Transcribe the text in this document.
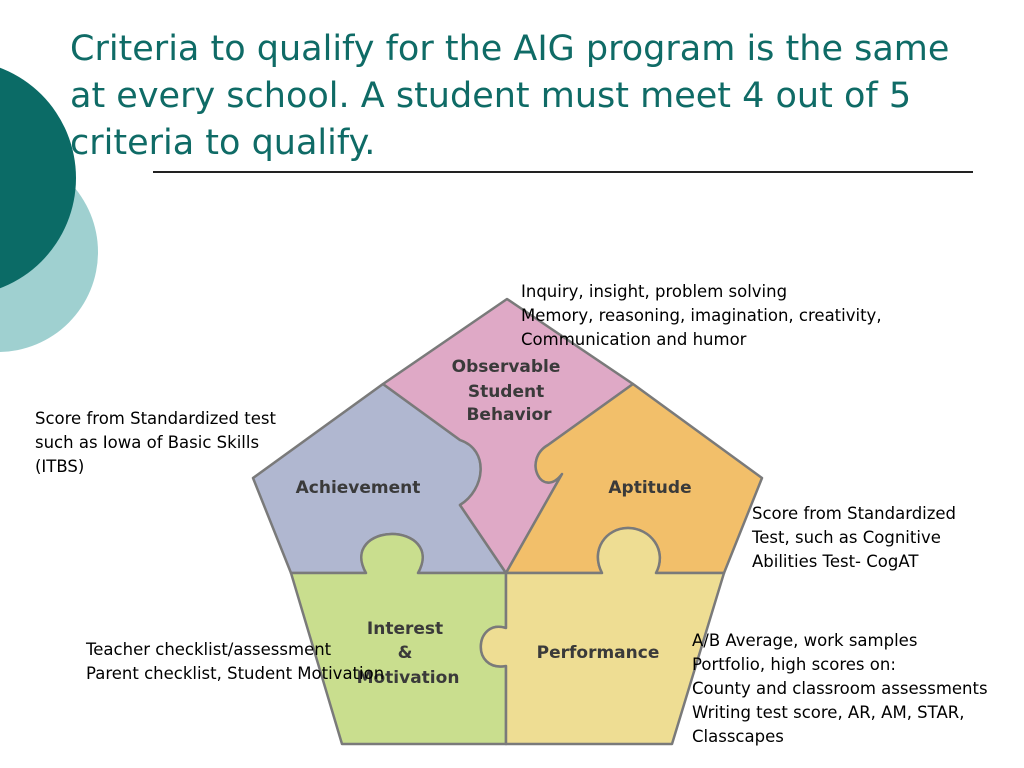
Criteria to qualify for the AIG program is the same at every school. A student must meet 4 out of 5 criteria to qualify.
Observable Student Behavior
Achievement	Aptitude
Interest & Motivation
Performance
Inquiry, insight, problem solving
Memory, reasoning, imagination, creativity,
Communication and humor
Score from Standardized test
such as Iowa of Basic Skills
(ITBS)
Score from Standardized
Test, such as Cognitive
Abilities Test- CogAT
Teacher checklist/assessment
Parent checklist, Student Motivation
A/B Average, work samples
Portfolio, high scores on:
County and classroom assessments
Writing test score, AR, AM, STAR,
Classcapes
